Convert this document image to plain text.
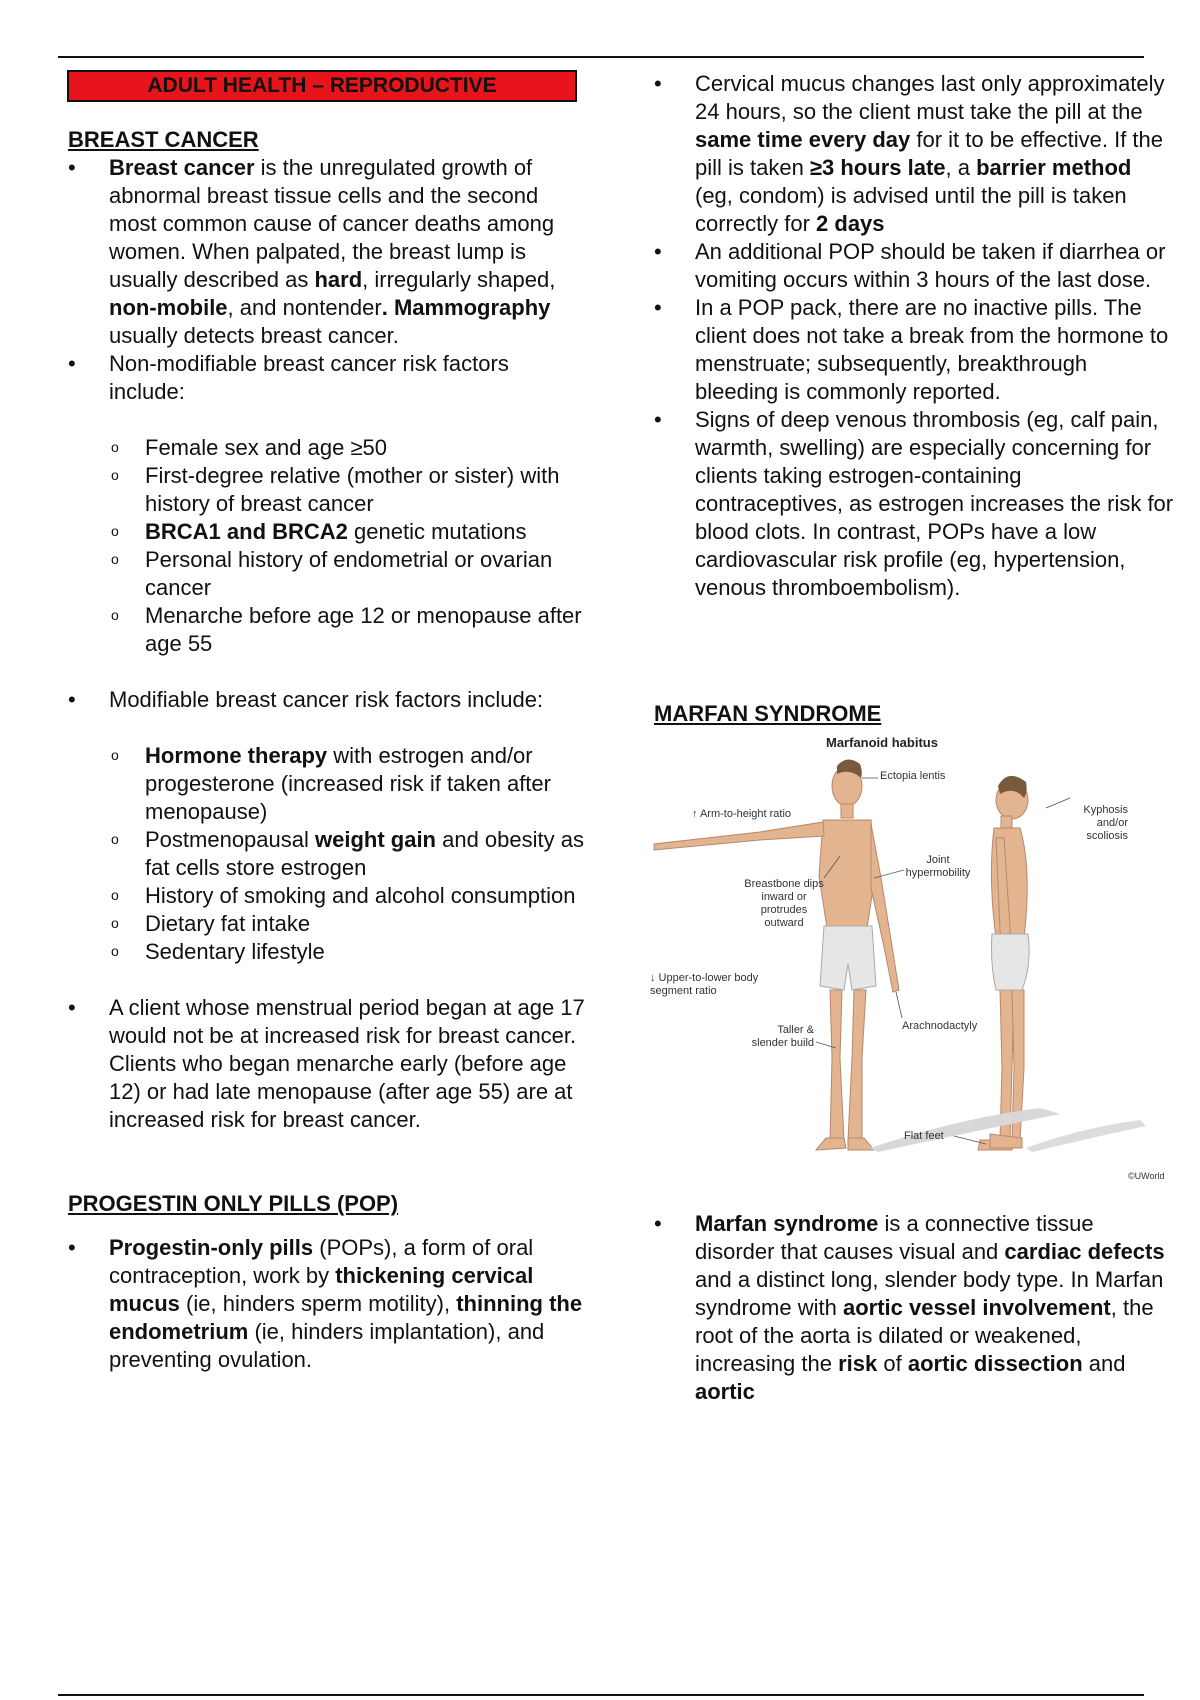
ADULT HEALTH – REPRODUCTIVE
BREAST CANCER
• Breast cancer is the unregulated growth of abnormal breast tissue cells and the second most common cause of cancer deaths among women. When palpated, the breast lump is usually described as hard, irregularly shaped, non-mobile, and nontender. Mammography usually detects breast cancer.
• Non-modifiable breast cancer risk factors include:
o Female sex and age ≥50
o First-degree relative (mother or sister) with history of breast cancer
o BRCA1 and BRCA2 genetic mutations
o Personal history of endometrial or ovarian cancer
o Menarche before age 12 or menopause after age 55
• Modifiable breast cancer risk factors include:
o Hormone therapy with estrogen and/or progesterone (increased risk if taken after menopause)
o Postmenopausal weight gain and obesity as fat cells store estrogen
o History of smoking and alcohol consumption
o Dietary fat intake
o Sedentary lifestyle
• A client whose menstrual period began at age 17 would not be at increased risk for breast cancer. Clients who began menarche early (before age 12) or had late menopause (after age 55) are at increased risk for breast cancer.
PROGESTIN ONLY PILLS (POP)
• Progestin-only pills (POPs), a form of oral contraception, work by thickening cervical mucus (ie, hinders sperm motility), thinning the endometrium (ie, hinders implantation), and preventing ovulation.
• Cervical mucus changes last only approximately 24 hours, so the client must take the pill at the same time every day for it to be effective. If the pill is taken ≥3 hours late, a barrier method (eg, condom) is advised until the pill is taken correctly for 2 days
• An additional POP should be taken if diarrhea or vomiting occurs within 3 hours of the last dose.
• In a POP pack, there are no inactive pills. The client does not take a break from the hormone to menstruate; subsequently, breakthrough bleeding is commonly reported.
• Signs of deep venous thrombosis (eg, calf pain, warmth, swelling) are especially concerning for clients taking estrogen-containing contraceptives, as estrogen increases the risk for blood clots. In contrast, POPs have a low cardiovascular risk profile (eg, hypertension, venous thromboembolism).
MARFAN SYNDROME
Marfanoid habitus
Ectopia lentis
↑ Arm-to-height ratio	Kyphosis and/or scoliosis
Joint hypermobility
Breastbone dips inward or protrudes outward
↓ Upper-to-lower body segment ratio
Arachnodactyly
Taller & slender build
Flat feet
©UWorld
• Marfan syndrome is a connective tissue disorder that causes visual and cardiac defects and a distinct long, slender body type. In Marfan syndrome with aortic vessel involvement, the root of the aorta is dilated or weakened, increasing the risk of aortic dissection and aortic
